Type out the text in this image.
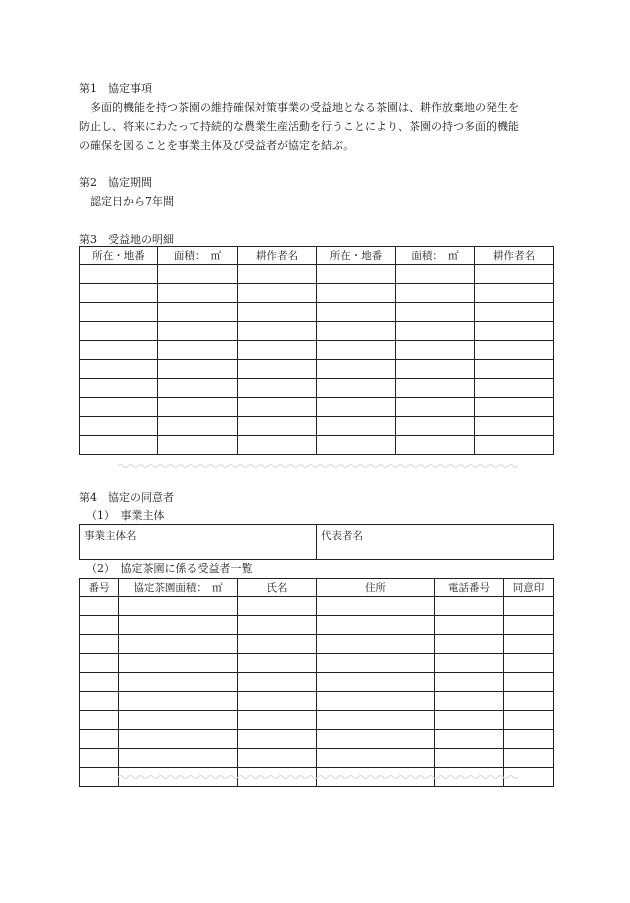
第1　協定事項
　多面的機能を持つ茶園の維持確保対策事業の受益地となる茶園は、耕作放棄地の発生を
防止し、将来にわたって持続的な農業生産活動を行うことにより、茶園の持つ多面的機能
の確保を図ることを事業主体及び受益者が協定を結ぶ。
第2　協定期間
　認定日から7年間
第3　受益地の明細
所在・地番	面積：　㎡	耕作者名	所在・地番	面積：　㎡	耕作者名

第4　協定の同意者
（1）　事業主体
事業主体名	代表者名
（2）　協定茶園に係る受益者一覧
番号	協定茶園面積：　㎡	氏名	住所	電話番号	同意印
